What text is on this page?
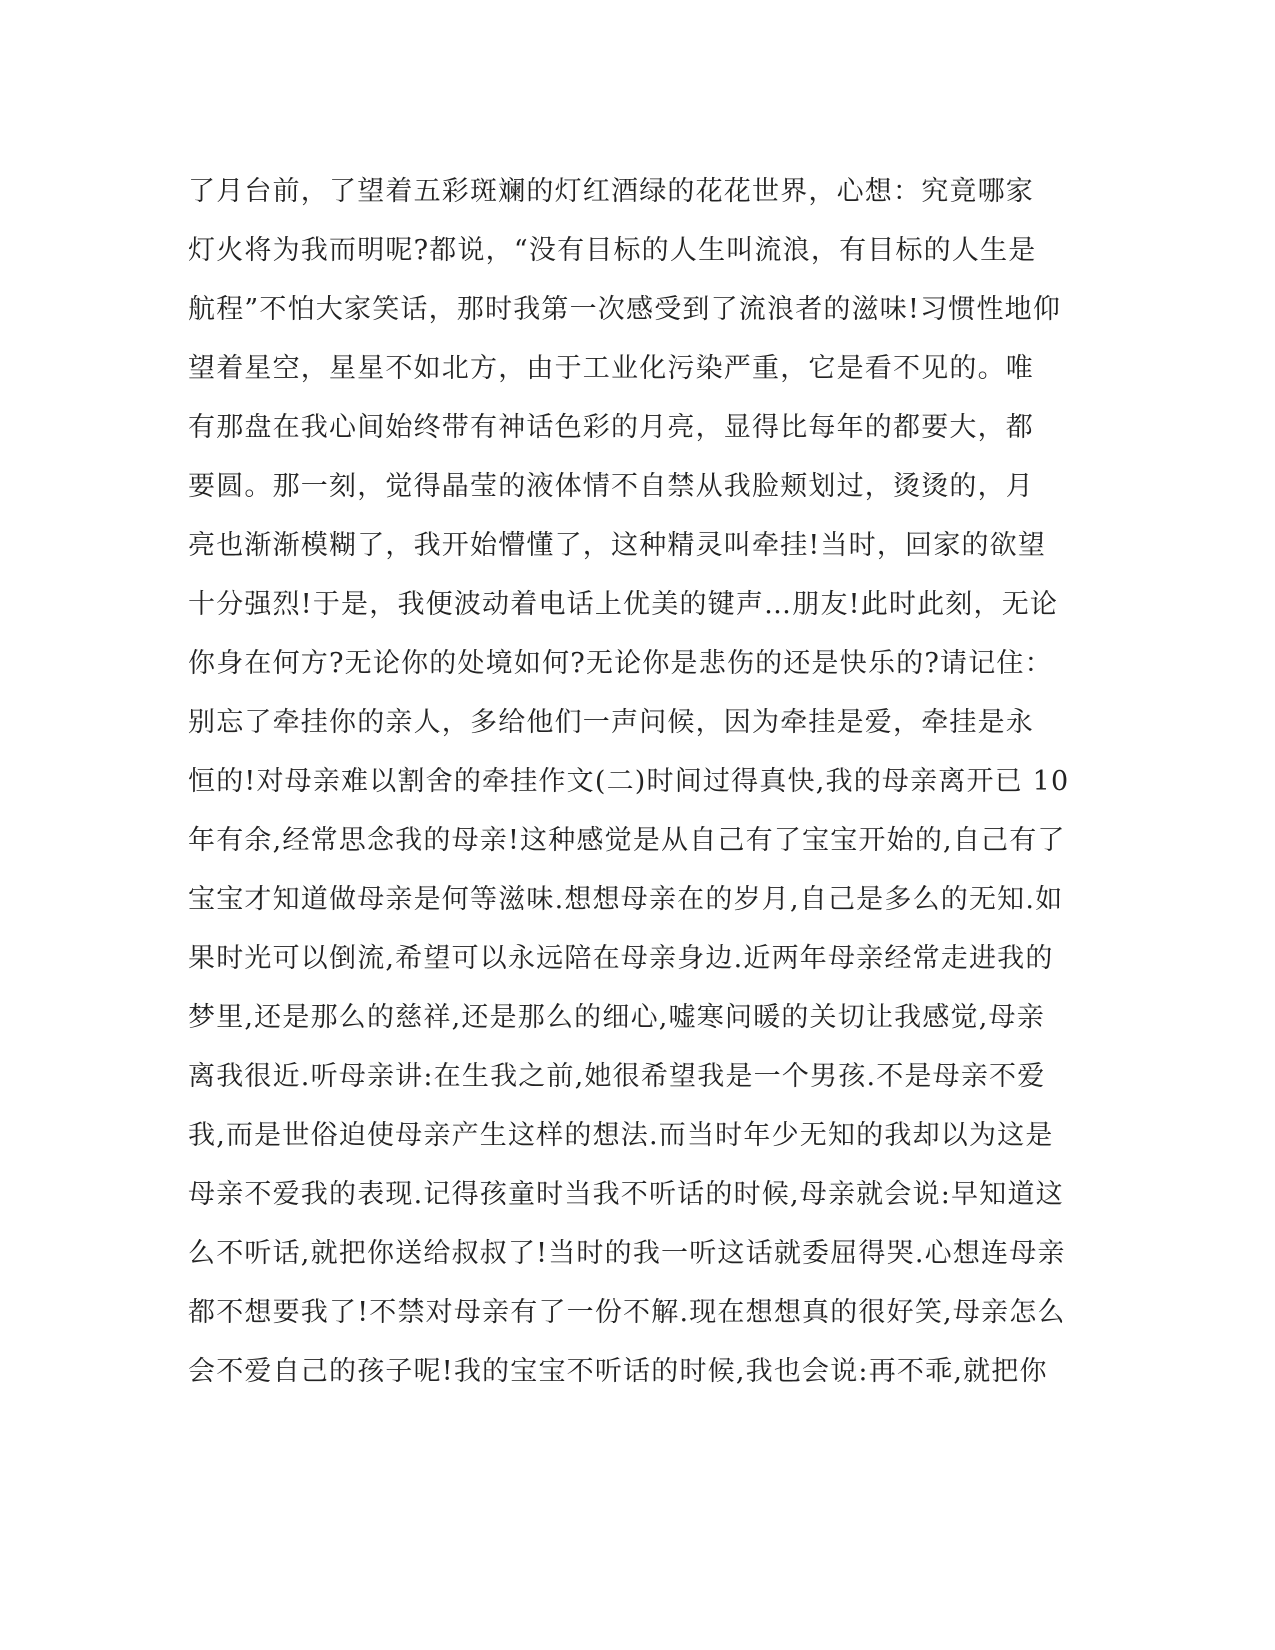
了月台前，了望着五彩斑斓的灯红酒绿的花花世界，心想：究竟哪家
灯火将为我而明呢?都说，“没有目标的人生叫流浪，有目标的人生是
航程”不怕大家笑话，那时我第一次感受到了流浪者的滋味!习惯性地仰
望着星空，星星不如北方，由于工业化污染严重，它是看不见的。唯
有那盘在我心间始终带有神话色彩的月亮，显得比每年的都要大，都
要圆。那一刻，觉得晶莹的液体情不自禁从我脸颊划过，烫烫的，月
亮也渐渐模糊了，我开始懵懂了，这种精灵叫牵挂!当时，回家的欲望
十分强烈!于是，我便波动着电话上优美的键声…朋友!此时此刻，无论
你身在何方?无论你的处境如何?无论你是悲伤的还是快乐的?请记住：
别忘了牵挂你的亲人，多给他们一声问候，因为牵挂是爱，牵挂是永
恒的!对母亲难以割舍的牵挂作文(二)时间过得真快,我的母亲离开已 10
年有余,经常思念我的母亲!这种感觉是从自己有了宝宝开始的,自己有了
宝宝才知道做母亲是何等滋味.想想母亲在的岁月,自己是多么的无知.如
果时光可以倒流,希望可以永远陪在母亲身边.近两年母亲经常走进我的
梦里,还是那么的慈祥,还是那么的细心,嘘寒问暖的关切让我感觉,母亲
离我很近.听母亲讲:在生我之前,她很希望我是一个男孩.不是母亲不爱
我,而是世俗迫使母亲产生这样的想法.而当时年少无知的我却以为这是
母亲不爱我的表现.记得孩童时当我不听话的时候,母亲就会说:早知道这
么不听话,就把你送给叔叔了!当时的我一听这话就委屈得哭.心想连母亲
都不想要我了!不禁对母亲有了一份不解.现在想想真的很好笑,母亲怎么
会不爱自己的孩子呢!我的宝宝不听话的时候,我也会说:再不乖,就把你
